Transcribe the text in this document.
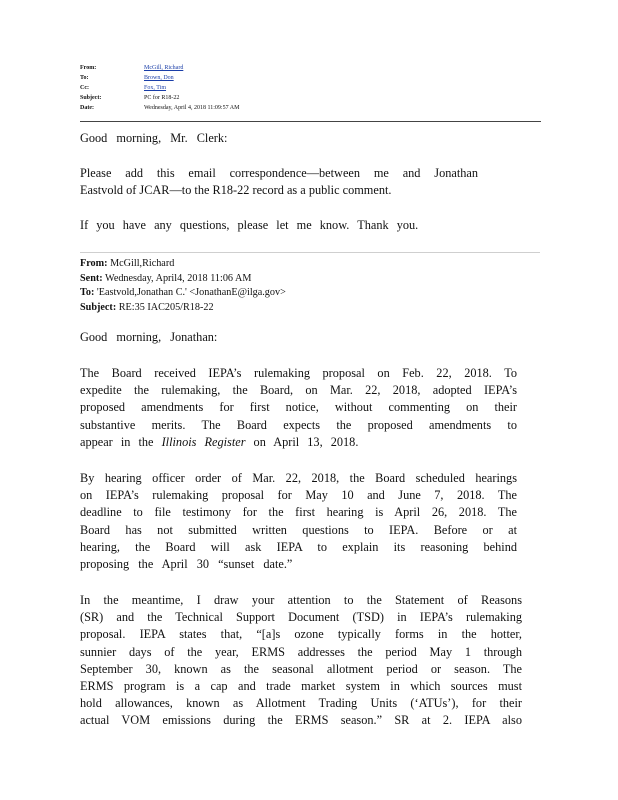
From:	McGill, Richard
To:	Brown, Don
Cc:	Fox, Tim
Subject:	PC for R18-22
Date:	Wednesday, April 4, 2018 11:09:57 AM
Good morning, Mr. Clerk:
Please add this email correspondence—between me and Jonathan
Eastvold of JCAR—to the R18-22 record as a public comment.
If you have any questions, please let me know. Thank you.
From: McGill,Richard
Sent: Wednesday, April4, 2018 11:06 AM
To: 'Eastvold,Jonathan C.' <JonathanE@ilga.gov>
Subject: RE:35 IAC205/R18-22
Good morning, Jonathan:
The Board received IEPA’s rulemaking proposal on Feb. 22, 2018. To
expedite the rulemaking, the Board, on Mar. 22, 2018, adopted IEPA’s
proposed amendments for first notice, without commenting on their
substantive merits. The Board expects the proposed amendments to
appear in the Illinois Register on April 13, 2018.
By hearing officer order of Mar. 22, 2018, the Board scheduled hearings
on IEPA’s rulemaking proposal for May 10 and June 7, 2018. The
deadline to file testimony for the first hearing is April 26, 2018. The
Board has not submitted written questions to IEPA. Before or at
hearing, the Board will ask IEPA to explain its reasoning behind
proposing the April 30 “sunset date.”
In the meantime, I draw your attention to the Statement of Reasons
(SR) and the Technical Support Document (TSD) in IEPA’s rulemaking
proposal. IEPA states that, “[a]s ozone typically forms in the hotter,
sunnier days of the year, ERMS addresses the period May 1 through
September 30, known as the seasonal allotment period or season. The
ERMS program is a cap and trade market system in which sources must
hold allowances, known as Allotment Trading Units (‘ATUs’), for their
actual VOM emissions during the ERMS season.” SR at 2. IEPA also
